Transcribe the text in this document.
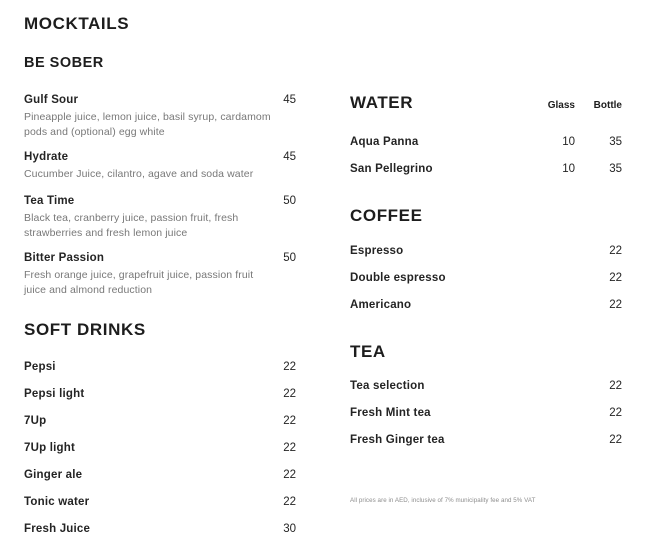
MOCKTAILS
BE SOBER
Gulf Sour	45
Pineapple juice, lemon juice, basil syrup, cardamom pods and (optional) egg white
Hydrate	45
Cucumber Juice, cilantro, agave and soda water
Tea Time	50
Black tea, cranberry juice, passion fruit, fresh strawberries and fresh lemon juice
Bitter Passion	50
Fresh orange juice, grapefruit juice, passion fruit juice and almond reduction
SOFT DRINKS
Pepsi	22
Pepsi light	22
7Up	22
7Up light	22
Ginger ale	22
Tonic water	22
Fresh Juice	30
WATER	Glass	Bottle
Aqua Panna	10	35
San Pellegrino	10	35
COFFEE
Espresso	22
Double espresso	22
Americano	22
TEA
Tea selection	22
Fresh Mint tea	22
Fresh Ginger tea	22
All prices are in AED, inclusive of 7% municipality fee and 5% VAT
